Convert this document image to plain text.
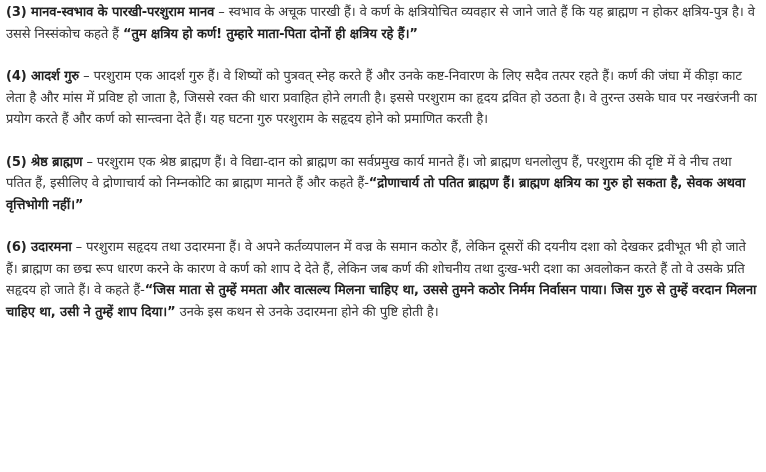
(3) मानव-स्वभाव के पारखी-परशुराम मानव – स्वभाव के अचूक पारखी हैं। वे कर्ण के क्षत्रियोचित व्यवहार से जाने जाते हैं कि यह ब्राह्मण न होकर क्षत्रिय-पुत्र है। वे उससे निस्संकोच कहते हैं “तुम क्षत्रिय हो कर्ण! तुम्हारे माता-पिता दोनों ही क्षत्रिय रहे हैं।”

(4) आदर्श गुरु – परशुराम एक आदर्श गुरु हैं। वे शिष्यों को पुत्रवत् स्नेह करते हैं और उनके कष्ट-निवारण के लिए सदैव तत्पर रहते हैं। कर्ण की जंघा में कीड़ा काट लेता है और मांस में प्रविष्ट हो जाता है, जिससे रक्त की धारा प्रवाहित होने लगती है। इससे परशुराम का हृदय द्रवित हो उठता है। वे तुरन्त उसके घाव पर नखरंजनी का प्रयोग करते हैं और कर्ण को सान्त्वना देते हैं। यह घटना गुरु परशुराम के सहृदय होने को प्रमाणित करती है।

(5) श्रेष्ठ ब्राह्मण – परशुराम एक श्रेष्ठ ब्राह्मण हैं। वे विद्या-दान को ब्राह्मण का सर्वप्रमुख कार्य मानते हैं। जो ब्राह्मण धनलोलुप हैं, परशुराम की दृष्टि में वे नीच तथा पतित हैं, इसीलिए वे द्रोणाचार्य को निम्नकोटि का ब्राह्मण मानते हैं और कहते हैं-“द्रोणाचार्य तो पतित ब्राह्मण हैं। ब्राह्मण क्षत्रिय का गुरु हो सकता है, सेवक अथवा वृत्तिभोगी नहीं।”

(6) उदारमना – परशुराम सहृदय तथा उदारमना हैं। वे अपने कर्तव्यपालन में वज्र के समान कठोर हैं, लेकिन दूसरों की दयनीय दशा को देखकर द्रवीभूत भी हो जाते हैं। ब्राह्मण का छद्म रूप धारण करने के कारण वे कर्ण को शाप दे देते हैं, लेकिन जब कर्ण की शोचनीय तथा दुःख-भरी दशा का अवलोकन करते हैं तो वे उसके प्रति सहृदय हो जाते हैं। वे कहते हैं-“जिस माता से तुम्हें ममता और वात्सल्य मिलना चाहिए था, उससे तुमने कठोर निर्मम निर्वासन पाया। जिस गुरु से तुम्हें वरदान मिलना चाहिए था, उसी ने तुम्हें शाप दिया।” उनके इस कथन से उनके उदारमना होने की पुष्टि होती है।
